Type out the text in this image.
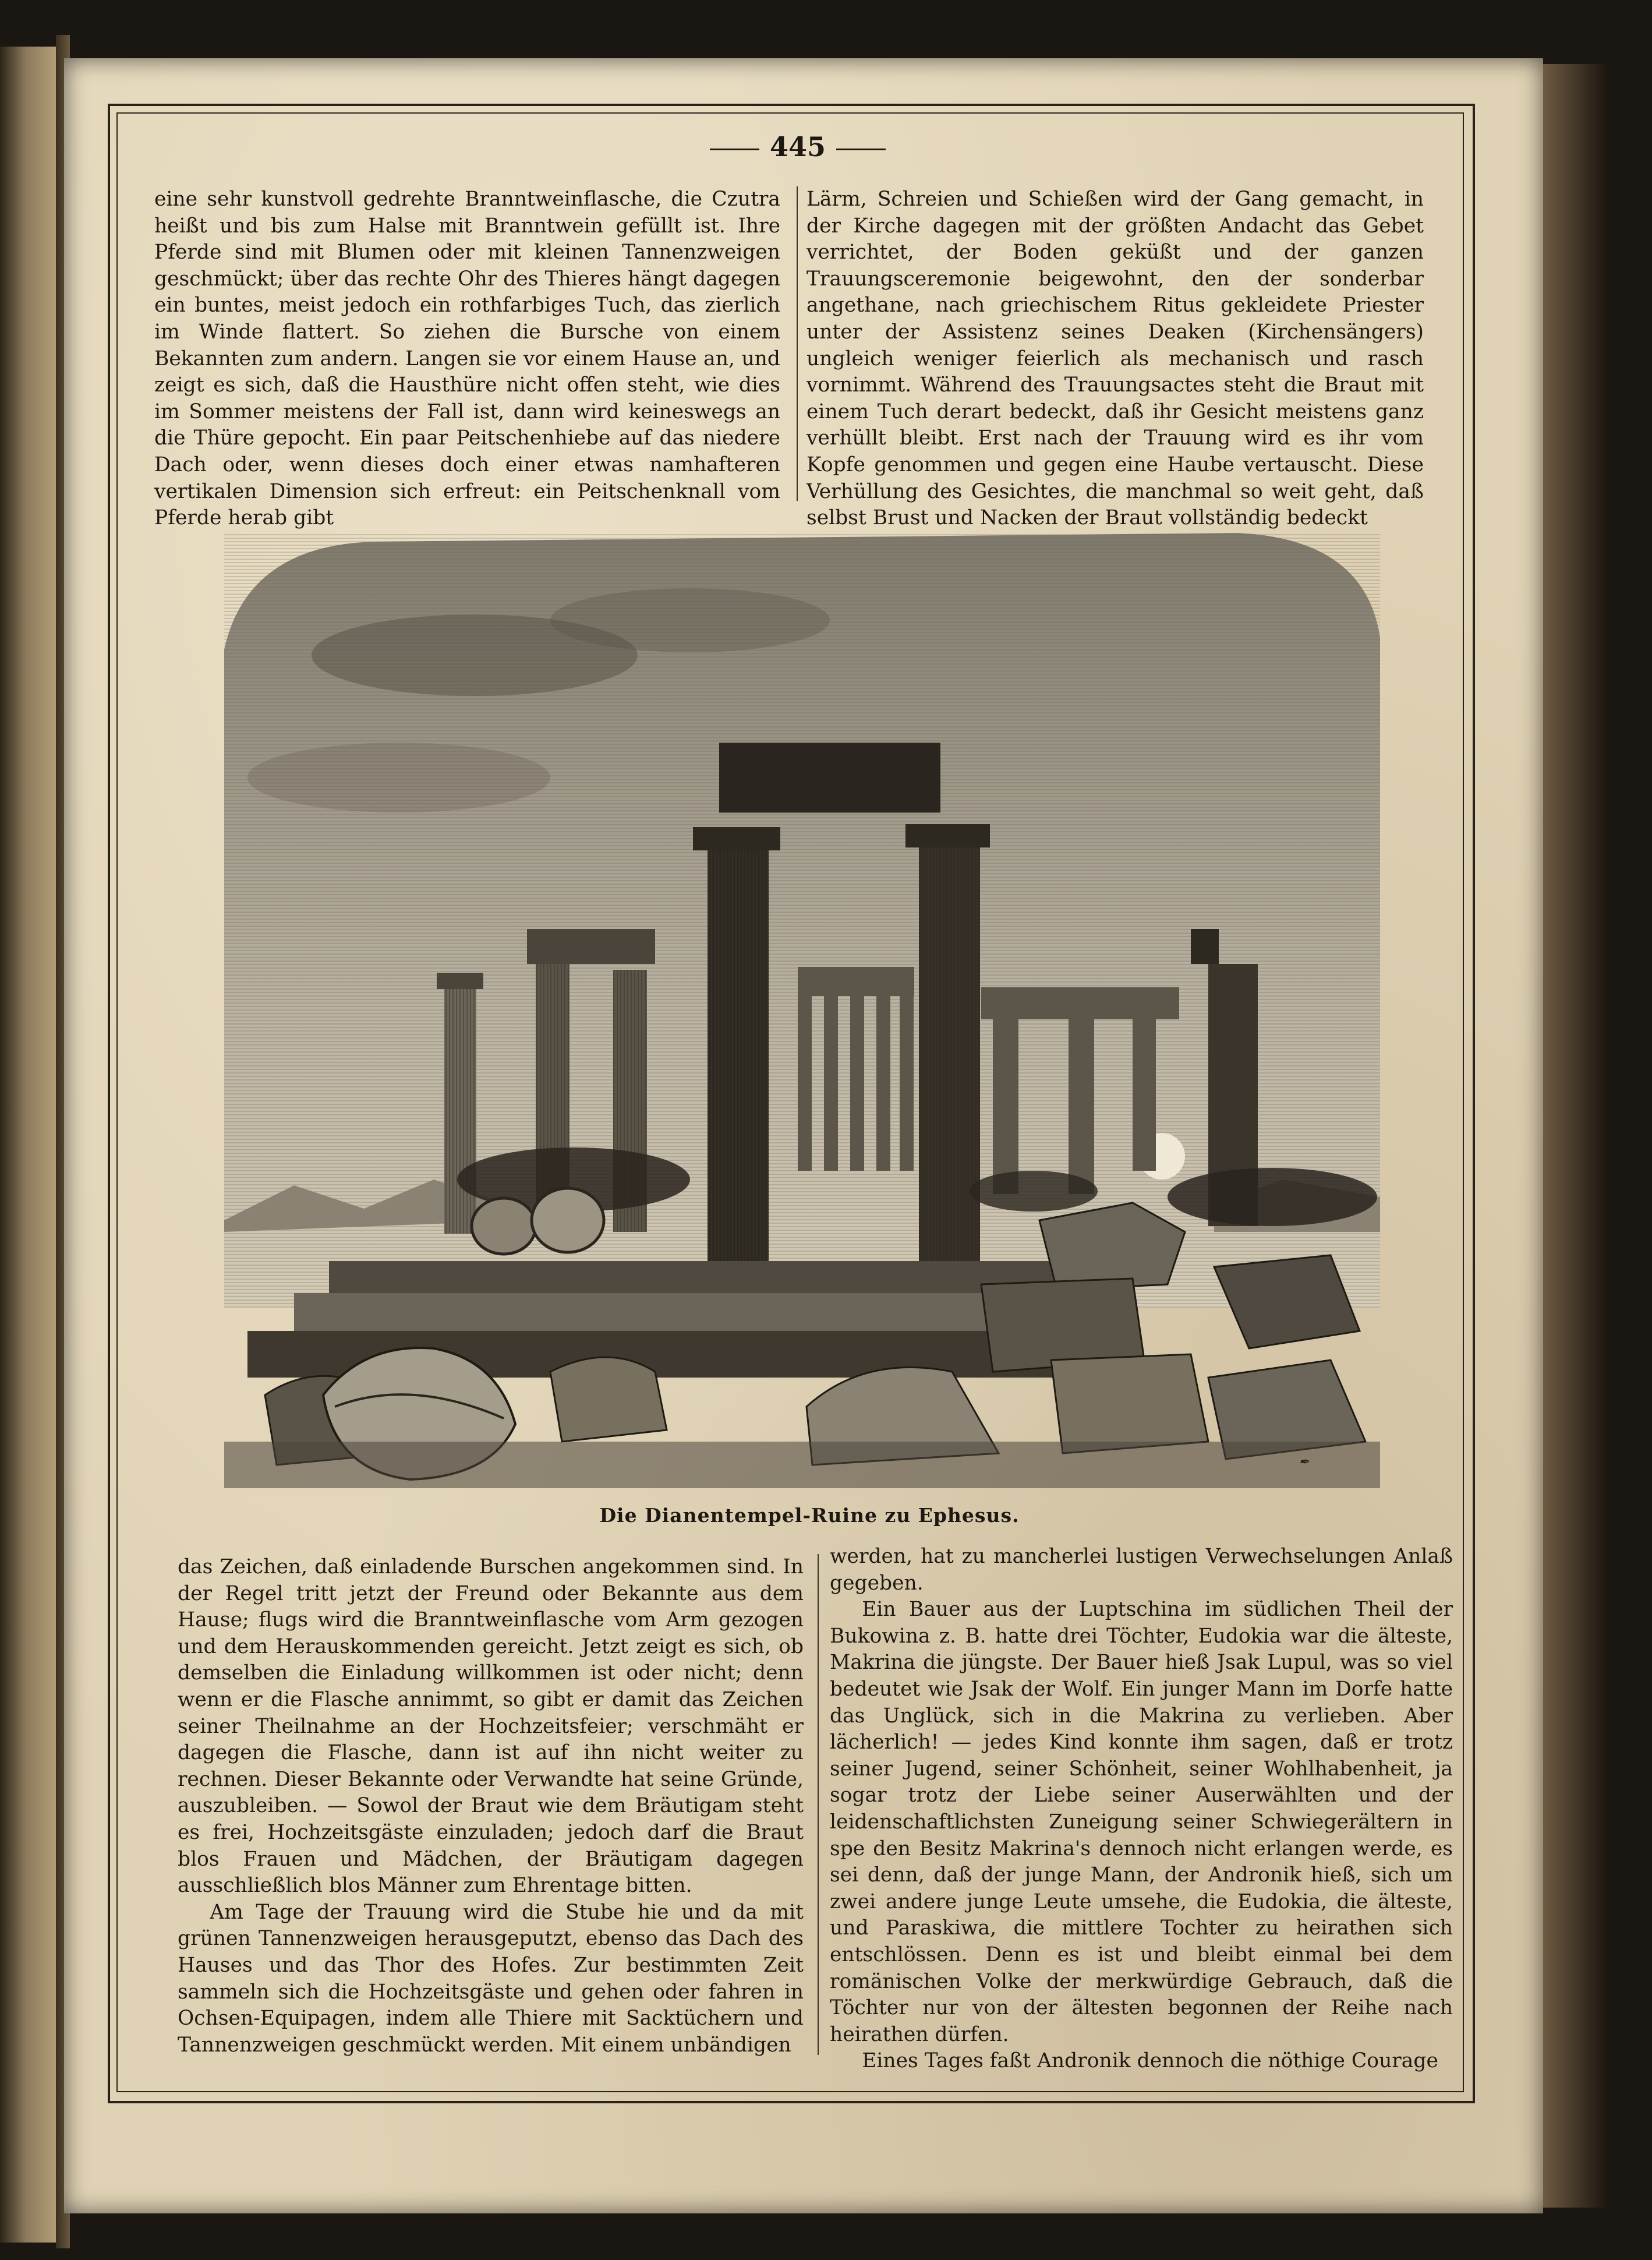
445

eine sehr kunstvoll gedrehte Branntweinflasche, die Czutra heißt und bis zum Halse mit Branntwein gefüllt ist. Ihre Pferde sind mit Blumen oder mit kleinen Tannenzweigen geschmückt; über das rechte Ohr des Thieres hängt dagegen ein buntes, meist jedoch ein rothfarbiges Tuch, das zierlich im Winde flattert. So ziehen die Bursche von einem Bekannten zum andern. Langen sie vor einem Hause an, und zeigt es sich, daß die Hausthüre nicht offen steht, wie dies im Sommer meistens der Fall ist, dann wird keineswegs an die Thüre gepocht. Ein paar Peitschenhiebe auf das niedere Dach oder, wenn dieses doch einer etwas namhafteren vertikalen Dimension sich erfreut: ein Peitschenknall vom Pferde herab gibt

Lärm, Schreien und Schießen wird der Gang gemacht, in der Kirche dagegen mit der größten Andacht das Gebet verrichtet, der Boden geküßt und der ganzen Trauungsceremonie beigewohnt, den der sonderbar angethane, nach griechischem Ritus gekleidete Priester unter der Assistenz seines Deaken (Kirchensängers) ungleich weniger feierlich als mechanisch und rasch vornimmt. Während des Trauungsactes steht die Braut mit einem Tuch derart bedeckt, daß ihr Gesicht meistens ganz verhüllt bleibt. Erst nach der Trauung wird es ihr vom Kopfe genommen und gegen eine Haube vertauscht. Diese Verhüllung des Gesichtes, die manchmal so weit geht, daß selbst Brust und Nacken der Braut vollständig bedeckt

✒
Die Dianentempel-Ruine zu Ephesus.

das Zeichen, daß einladende Burschen angekommen sind. In der Regel tritt jetzt der Freund oder Bekannte aus dem Hause; flugs wird die Branntweinflasche vom Arm gezogen und dem Herauskommenden gereicht. Jetzt zeigt es sich, ob demselben die Einladung willkommen ist oder nicht; denn wenn er die Flasche annimmt, so gibt er damit das Zeichen seiner Theilnahme an der Hochzeitsfeier; verschmäht er dagegen die Flasche, dann ist auf ihn nicht weiter zu rechnen. Dieser Bekannte oder Verwandte hat seine Gründe, auszubleiben. — Sowol der Braut wie dem Bräutigam steht es frei, Hochzeitsgäste einzuladen; jedoch darf die Braut blos Frauen und Mädchen, der Bräutigam dagegen ausschließlich blos Männer zum Ehrentage bitten.

Am Tage der Trauung wird die Stube hie und da mit grünen Tannenzweigen herausgeputzt, ebenso das Dach des Hauses und das Thor des Hofes. Zur bestimmten Zeit sammeln sich die Hochzeitsgäste und gehen oder fahren in Ochsen-Equipagen, indem alle Thiere mit Sacktüchern und Tannenzweigen geschmückt werden. Mit einem unbändigen

werden, hat zu mancherlei lustigen Verwechselungen Anlaß gegeben.

Ein Bauer aus der Luptschina im südlichen Theil der Bukowina z. B. hatte drei Töchter, Eudokia war die älteste, Makrina die jüngste. Der Bauer hieß Jsak Lupul, was so viel bedeutet wie Jsak der Wolf. Ein junger Mann im Dorfe hatte das Unglück, sich in die Makrina zu verlieben. Aber lächerlich! — jedes Kind konnte ihm sagen, daß er trotz seiner Jugend, seiner Schönheit, seiner Wohlhabenheit, ja sogar trotz der Liebe seiner Auserwählten und der leidenschaftlichsten Zuneigung seiner Schwiegerältern in spe den Besitz Makrina's dennoch nicht erlangen werde, es sei denn, daß der junge Mann, der Andronik hieß, sich um zwei andere junge Leute umsehe, die Eudokia, die älteste, und Paraskiwa, die mittlere Tochter zu heirathen sich entschlössen. Denn es ist und bleibt einmal bei dem romänischen Volke der merkwürdige Gebrauch, daß die Töchter nur von der ältesten begonnen der Reihe nach heirathen dürfen.

Eines Tages faßt Andronik dennoch die nöthige Courage
